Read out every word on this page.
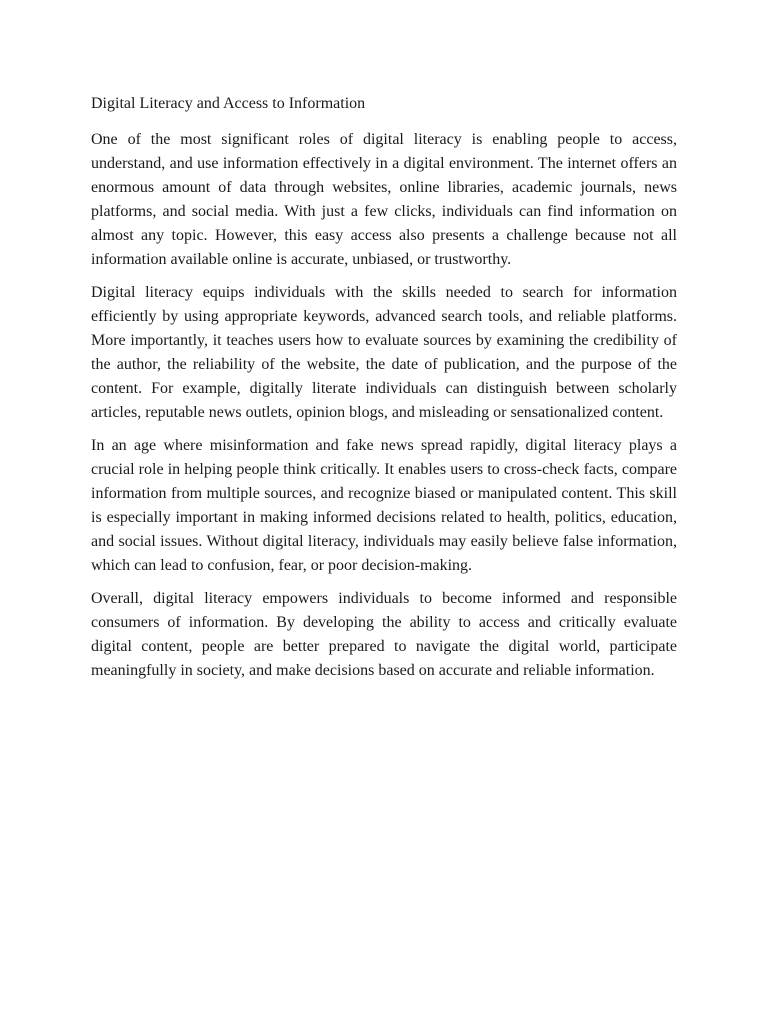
Digital Literacy and Access to Information

One of the most significant roles of digital literacy is enabling people to access, understand, and use information effectively in a digital environment. The internet offers an enormous amount of data through websites, online libraries, academic journals, news platforms, and social media. With just a few clicks, individuals can find information on almost any topic. However, this easy access also presents a challenge because not all information available online is accurate, unbiased, or trustworthy.

Digital literacy equips individuals with the skills needed to search for information efficiently by using appropriate keywords, advanced search tools, and reliable platforms. More importantly, it teaches users how to evaluate sources by examining the credibility of the author, the reliability of the website, the date of publication, and the purpose of the content. For example, digitally literate individuals can distinguish between scholarly articles, reputable news outlets, opinion blogs, and misleading or sensationalized content.

In an age where misinformation and fake news spread rapidly, digital literacy plays a crucial role in helping people think critically. It enables users to cross-check facts, compare information from multiple sources, and recognize biased or manipulated content. This skill is especially important in making informed decisions related to health, politics, education, and social issues. Without digital literacy, individuals may easily believe false information, which can lead to confusion, fear, or poor decision-making.

Overall, digital literacy empowers individuals to become informed and responsible consumers of information. By developing the ability to access and critically evaluate digital content, people are better prepared to navigate the digital world, participate meaningfully in society, and make decisions based on accurate and reliable information.
